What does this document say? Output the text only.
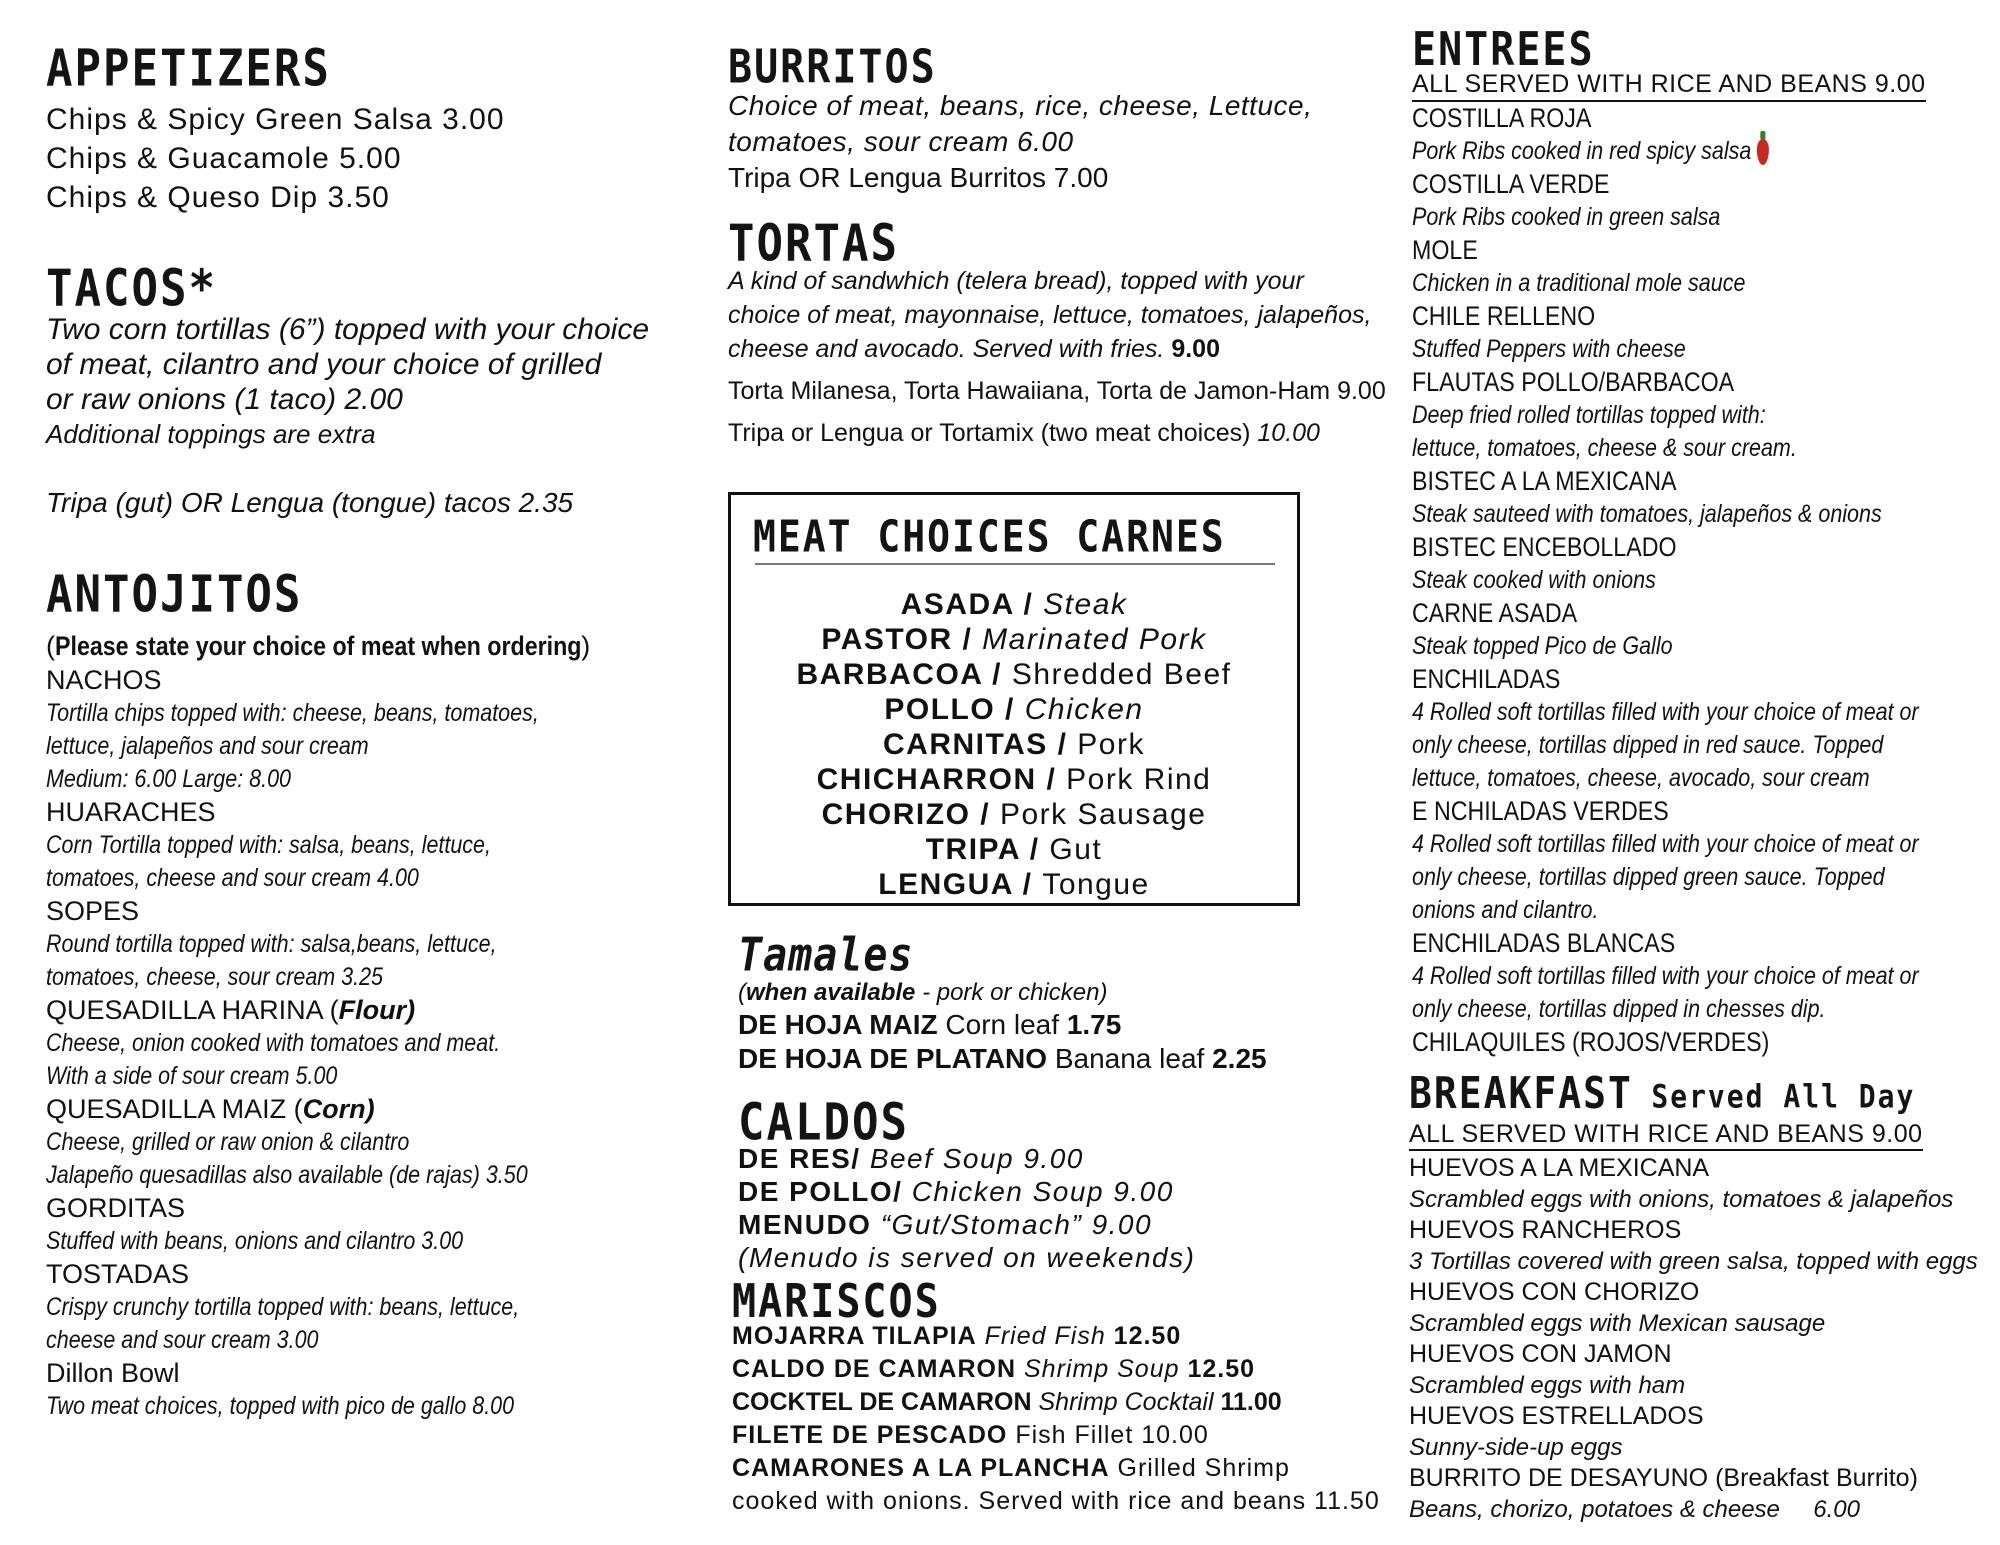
APPETIZERS
Chips & Spicy Green Salsa 3.00
Chips & Guacamole 5.00
Chips & Queso Dip 3.50
TACOS*
Two corn tortillas (6”) topped with your choice
of meat, cilantro and your choice of grilled
or raw onions (1 taco) 2.00
Additional toppings are extra
Tripa (gut) OR Lengua (tongue) tacos 2.35
ANTOJITOS
(Please state your choice of meat when ordering)
NACHOS
Tortilla chips topped with: cheese, beans, tomatoes,
lettuce, jalapeños and sour cream
Medium: 6.00 Large: 8.00
HUARACHES
Corn Tortilla topped with: salsa, beans, lettuce,
tomatoes, cheese and sour cream 4.00
SOPES
Round tortilla topped with: salsa,beans, lettuce,
tomatoes, cheese, sour cream 3.25
QUESADILLA HARINA (Flour)
Cheese, onion cooked with tomatoes and meat.
With a side of sour cream 5.00
QUESADILLA MAIZ (Corn)
Cheese, grilled or raw onion & cilantro
Jalapeño quesadillas also available (de rajas) 3.50
GORDITAS
Stuffed with beans, onions and cilantro 3.00
TOSTADAS
Crispy crunchy tortilla topped with: beans, lettuce,
cheese and sour cream 3.00
Dillon Bowl
Two meat choices, topped with pico de gallo 8.00
BURRITOS
Choice of meat, beans, rice, cheese, Lettuce,
tomatoes, sour cream 6.00
Tripa OR Lengua Burritos 7.00
TORTAS
A kind of sandwhich (telera bread), topped with your
choice of meat, mayonnaise, lettuce, tomatoes, jalapeños,
cheese and avocado. Served with fries. 9.00
Torta Milanesa, Torta Hawaiiana, Torta de Jamon-Ham 9.00
Tripa or Lengua or Tortamix (two meat choices) 10.00
MEAT CHOICES CARNES
ASADA / Steak
PASTOR / Marinated Pork
BARBACOA / Shredded Beef
POLLO / Chicken
CARNITAS / Pork
CHICHARRON / Pork Rind
CHORIZO / Pork Sausage
TRIPA / Gut
LENGUA / Tongue
Tamales
(when available - pork or chicken)
DE HOJA MAIZ Corn leaf 1.75
DE HOJA DE PLATANO Banana leaf 2.25
CALDOS
DE RES/ Beef Soup 9.00
DE POLLO/ Chicken Soup 9.00
MENUDO “Gut/Stomach” 9.00
(Menudo is served on weekends)
MARISCOS
MOJARRA TILAPIA Fried Fish 12.50
CALDO DE CAMARON Shrimp Soup 12.50
COCKTEL DE CAMARON Shrimp Cocktail 11.00
FILETE DE PESCADO Fish Fillet 10.00
CAMARONES A LA PLANCHA Grilled Shrimp
cooked with onions. Served with rice and beans 11.50
ENTREES
ALL SERVED WITH RICE AND BEANS 9.00
COSTILLA ROJA
Pork Ribs cooked in red spicy salsa
COSTILLA VERDE
Pork Ribs cooked in green salsa
MOLE
Chicken in a traditional mole sauce
CHILE RELLENO
Stuffed Peppers with cheese
FLAUTAS POLLO/BARBACOA
Deep fried rolled tortillas topped with:
lettuce, tomatoes, cheese & sour cream.
BISTEC A LA MEXICANA
Steak sauteed with tomatoes, jalapeños & onions
BISTEC ENCEBOLLADO
Steak cooked with onions
CARNE ASADA
Steak topped Pico de Gallo
ENCHILADAS
4 Rolled soft tortillas filled with your choice of meat or
only cheese, tortillas dipped in red sauce. Topped
lettuce, tomatoes, cheese, avocado, sour cream
E NCHILADAS VERDES
4 Rolled soft tortillas filled with your choice of meat or
only cheese, tortillas dipped green sauce. Topped
onions and cilantro.
ENCHILADAS BLANCAS
4 Rolled soft tortillas filled with your choice of meat or
only cheese, tortillas dipped in chesses dip.
CHILAQUILES (ROJOS/VERDES)
BREAKFAST Served All Day
ALL SERVED WITH RICE AND BEANS 9.00
HUEVOS A LA MEXICANA
Scrambled eggs with onions, tomatoes & jalapeños
HUEVOS RANCHEROS
3 Tortillas covered with green salsa, topped with eggs
HUEVOS CON CHORIZO
Scrambled eggs with Mexican sausage
HUEVOS CON JAMON
Scrambled eggs with ham
HUEVOS ESTRELLADOS
Sunny-side-up eggs
BURRITO DE DESAYUNO (Breakfast Burrito)
Beans, chorizo, potatoes & cheese     6.00
